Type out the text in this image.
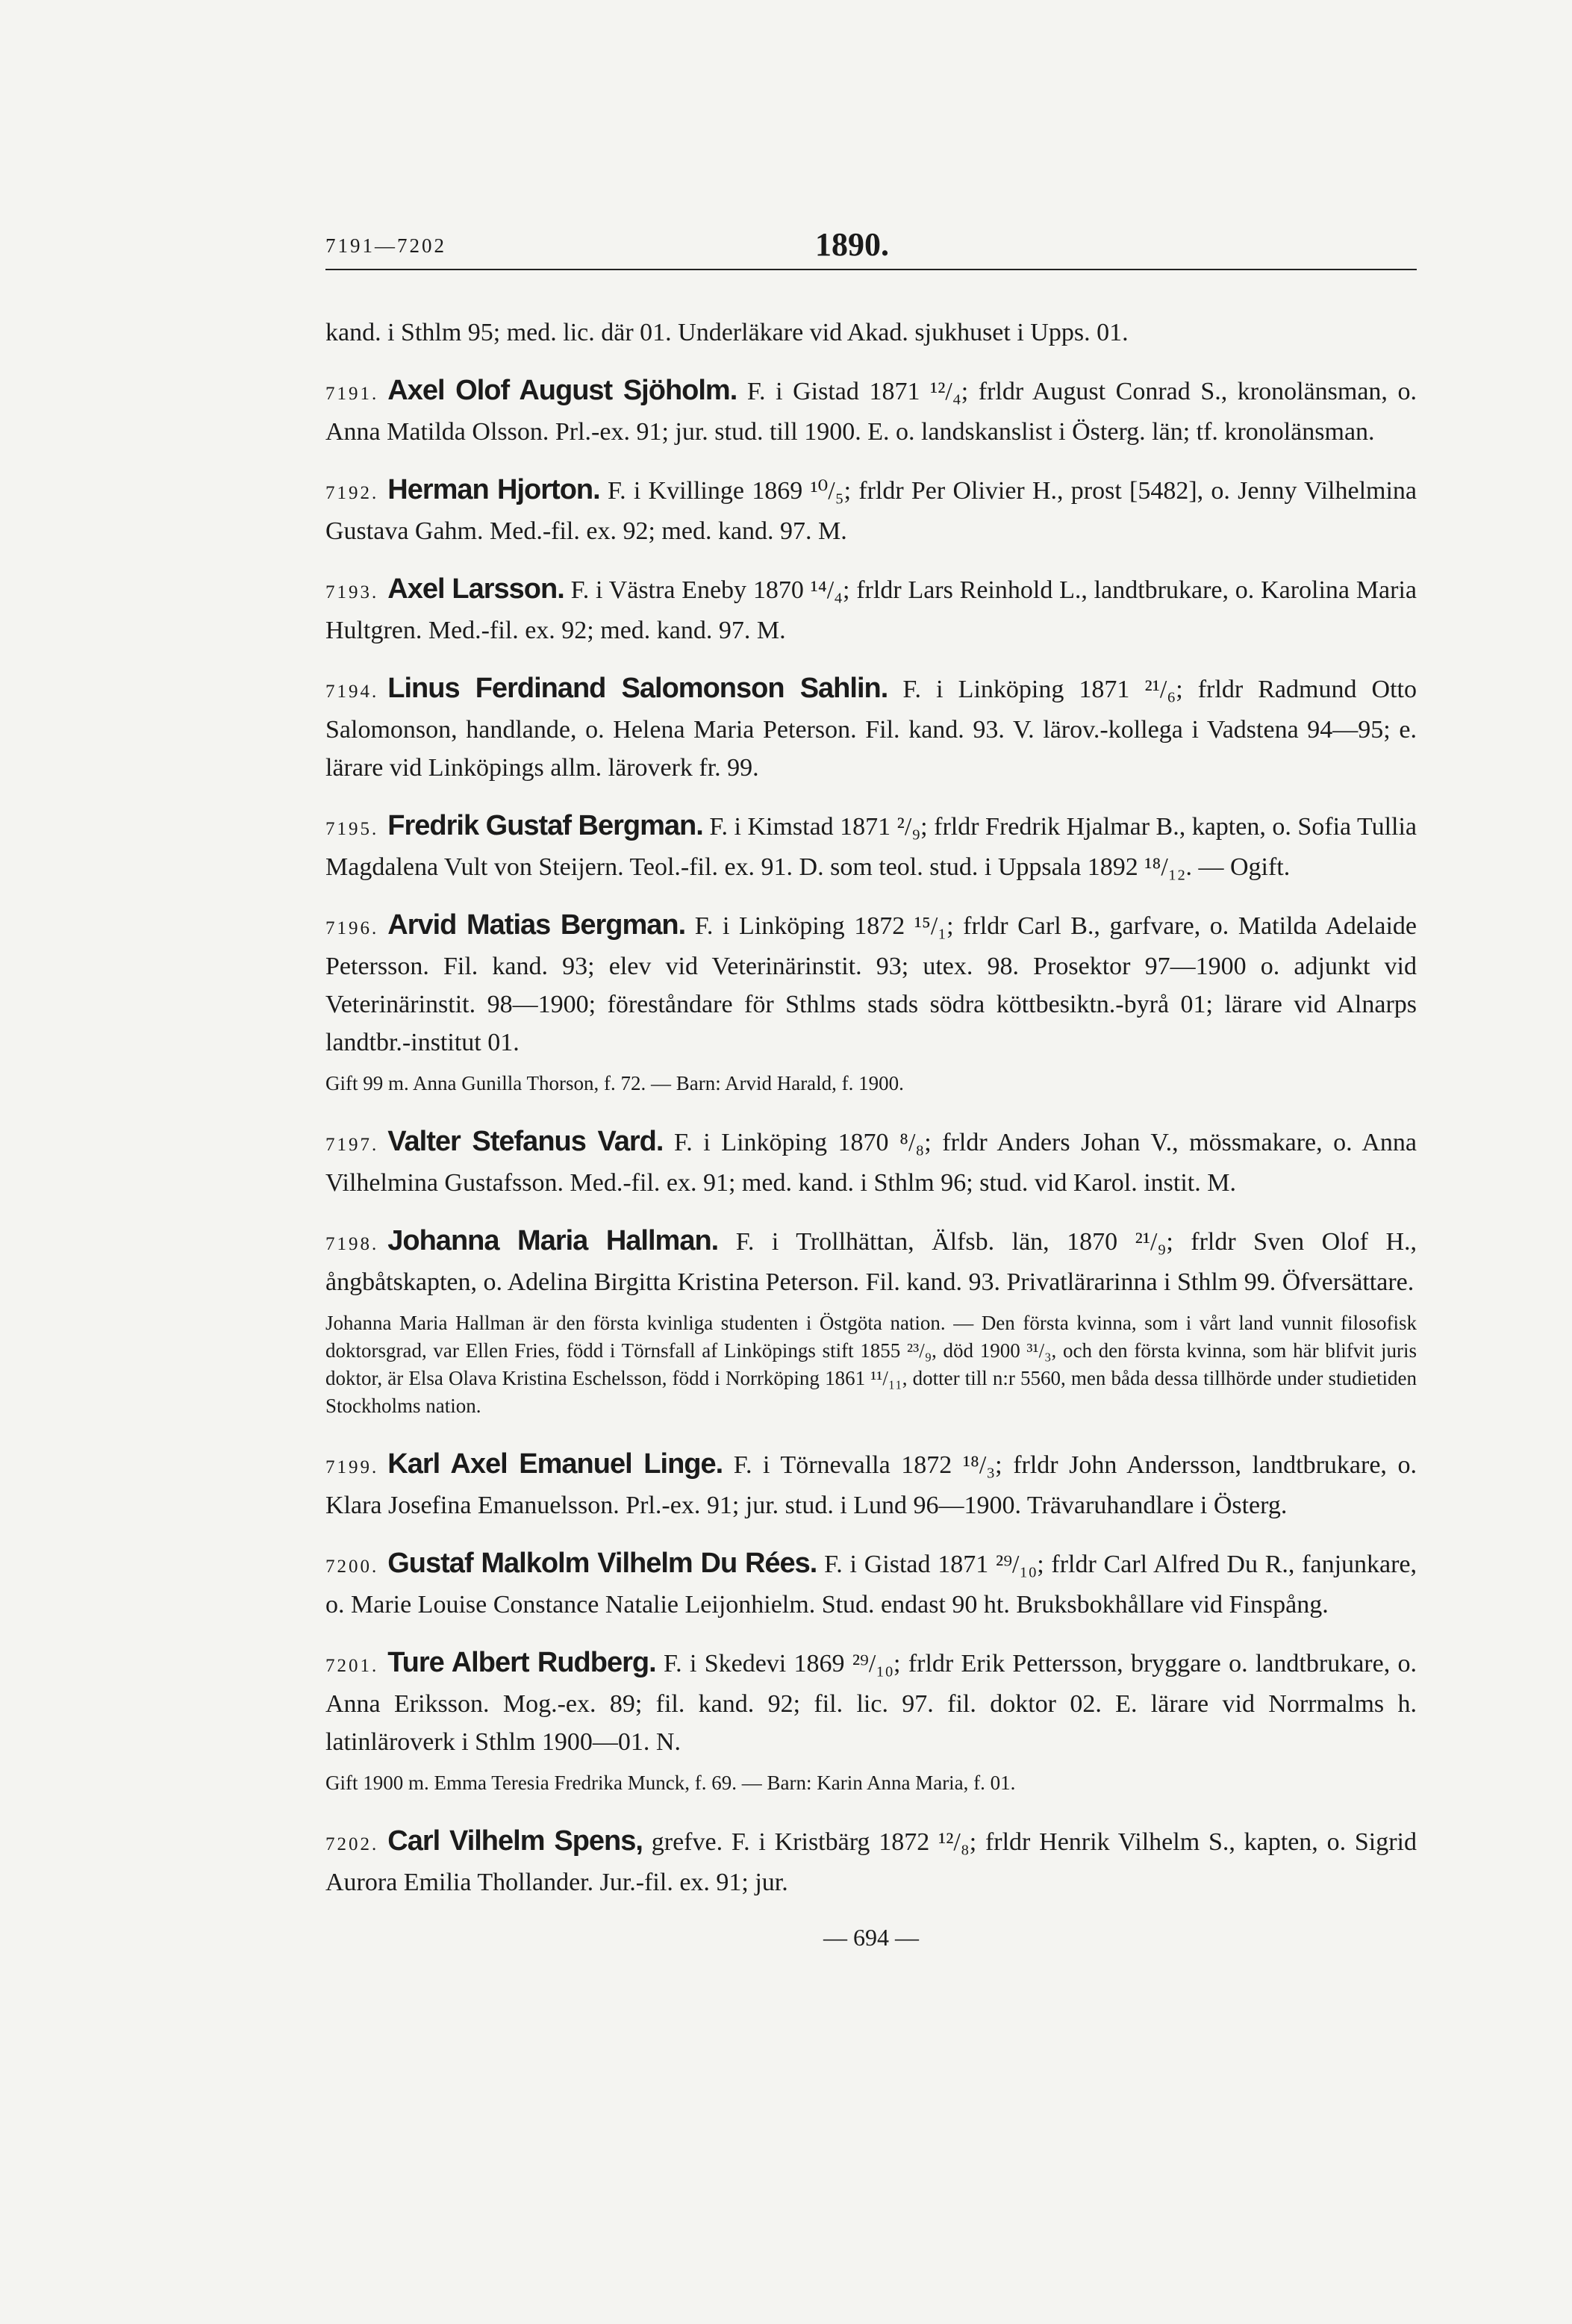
7191—7202	1890.

kand. i Sthlm 95; med. lic. där 01. Underläkare vid Akad. sjukhuset i Upps. 01.

7191. Axel Olof August Sjöholm. F. i Gistad 1871 ¹²/₄; frldr August Conrad S., kronolänsman, o. Anna Matilda Olsson. Prl.-ex. 91; jur. stud. till 1900. E. o. landskanslist i Österg. län; tf. kronolänsman.

7192. Herman Hjorton. F. i Kvillinge 1869 ¹⁰/₅; frldr Per Olivier H., prost [5482], o. Jenny Vilhelmina Gustava Gahm. Med.-fil. ex. 92; med. kand. 97. M.

7193. Axel Larsson. F. i Västra Eneby 1870 ¹⁴/₄; frldr Lars Reinhold L., landtbrukare, o. Karolina Maria Hultgren. Med.-fil. ex. 92; med. kand. 97. M.

7194. Linus Ferdinand Salomonson Sahlin. F. i Linköping 1871 ²¹/₆; frldr Radmund Otto Salomonson, handlande, o. Helena Maria Peterson. Fil. kand. 93. V. lärov.-kollega i Vadstena 94—95; e. lärare vid Linköpings allm. läroverk fr. 99.

7195. Fredrik Gustaf Bergman. F. i Kimstad 1871 ²/₉; frldr Fredrik Hjalmar B., kapten, o. Sofia Tullia Magdalena Vult von Steijern. Teol.-fil. ex. 91. D. som teol. stud. i Uppsala 1892 ¹⁸/₁₂. — Ogift.

7196. Arvid Matias Bergman. F. i Linköping 1872 ¹⁵/₁; frldr Carl B., garfvare, o. Matilda Adelaide Petersson. Fil. kand. 93; elev vid Veterinärinstit. 93; utex. 98. Prosektor 97—1900 o. adjunkt vid Veterinärinstit. 98—1900; föreståndare för Sthlms stads södra köttbesiktn.-byrå 01; lärare vid Alnarps landtbr.-institut 01.

Gift 99 m. Anna Gunilla Thorson, f. 72. — Barn: Arvid Harald, f. 1900.

7197. Valter Stefanus Vard. F. i Linköping 1870 ⁸/₈; frldr Anders Johan V., mössmakare, o. Anna Vilhelmina Gustafsson. Med.-fil. ex. 91; med. kand. i Sthlm 96; stud. vid Karol. instit. M.

7198. Johanna Maria Hallman. F. i Trollhättan, Älfsb. län, 1870 ²¹/₉; frldr Sven Olof H., ångbåtskapten, o. Adelina Birgitta Kristina Peterson. Fil. kand. 93. Privatlärarinna i Sthlm 99. Öfversättare.

Johanna Maria Hallman är den första kvinliga studenten i Östgöta nation. — Den första kvinna, som i vårt land vunnit filosofisk doktorsgrad, var Ellen Fries, född i Törnsfall af Linköpings stift 1855 ²³/₉, död 1900 ³¹/₃, och den första kvinna, som här blifvit juris doktor, är Elsa Olava Kristina Eschelsson, född i Norrköping 1861 ¹¹/₁₁, dotter till n:r 5560, men båda dessa tillhörde under studietiden Stockholms nation.

7199. Karl Axel Emanuel Linge. F. i Törnevalla 1872 ¹⁸/₃; frldr John Andersson, landtbrukare, o. Klara Josefina Emanuelsson. Prl.-ex. 91; jur. stud. i Lund 96—1900. Trävaruhandlare i Österg.

7200. Gustaf Malkolm Vilhelm Du Rées. F. i Gistad 1871 ²⁹/₁₀; frldr Carl Alfred Du R., fanjunkare, o. Marie Louise Constance Natalie Leijonhielm. Stud. endast 90 ht. Bruksbokhållare vid Finspång.

7201. Ture Albert Rudberg. F. i Skedevi 1869 ²⁹/₁₀; frldr Erik Pettersson, bryggare o. landtbrukare, o. Anna Eriksson. Mog.-ex. 89; fil. kand. 92; fil. lic. 97. fil. doktor 02. E. lärare vid Norrmalms h. latinläroverk i Sthlm 1900—01. N.

Gift 1900 m. Emma Teresia Fredrika Munck, f. 69. — Barn: Karin Anna Maria, f. 01.

7202. Carl Vilhelm Spens, grefve. F. i Kristbärg 1872 ¹²/₈; frldr Henrik Vilhelm S., kapten, o. Sigrid Aurora Emilia Thollander. Jur.-fil. ex. 91; jur.

— 694 —
